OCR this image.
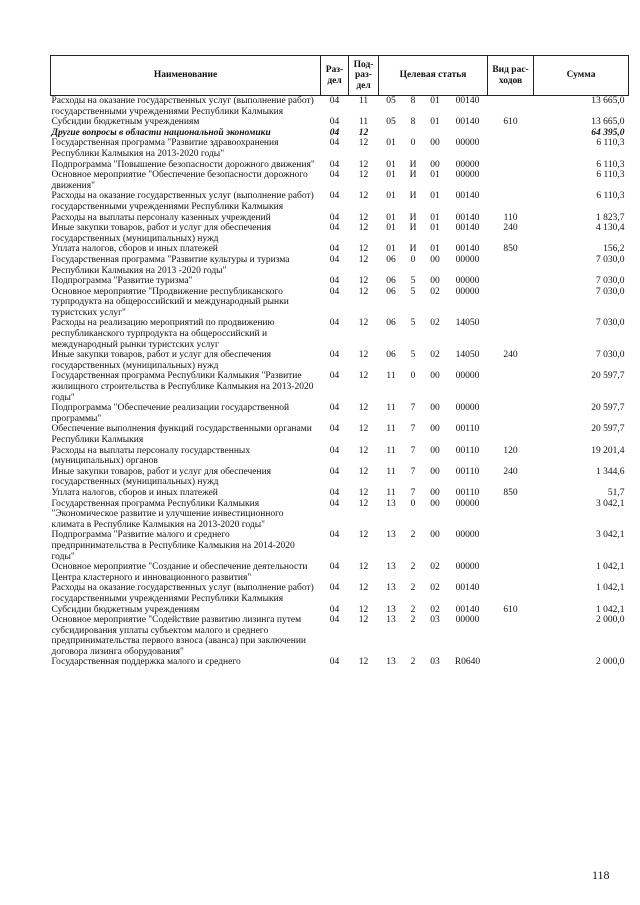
Наименование	Раз-дел	Под-раз-дел	Целевая статья				Вид рас-ходов	Сумма
Расходы на оказание государственных услуг (выполнение работ) государственными учреждениями Республики Калмыкия	04	11	05	8	01	00140		13 665,0
Субсидии бюджетным учреждениям	04	11	05	8	01	00140	610	13 665,0
Другие вопросы в области национальной экономики	04	12						64 395,0
Государственная программа "Развитие здравоохранения Республики Калмыкия на 2013-2020 годы"	04	12	01	0	00	00000		6 110,3
Подпрограмма "Повышение безопасности дорожного движения"	04	12	01	И	00	00000		6 110,3
Основное мероприятие "Обеспечение безопасности дорожного движения"	04	12	01	И	01	00000		6 110,3
Расходы на оказание государственных услуг (выполнение работ) государственными учреждениями Республики Калмыкия	04	12	01	И	01	00140		6 110,3
Расходы на выплаты персоналу казенных учреждений	04	12	01	И	01	00140	110	1 823,7
Иные закупки товаров, работ и услуг для обеспечения государственных (муниципальных) нужд	04	12	01	И	01	00140	240	4 130,4
Уплата налогов, сборов и иных платежей	04	12	01	И	01	00140	850	156,2
Государственная программа "Развитие культуры и туризма Республики Калмыкия на 2013 -2020 годы"	04	12	06	0	00	00000		7 030,0
Подпрограмма "Развитие туризма"	04	12	06	5	00	00000		7 030,0
Основное мероприятие "Продвижение республиканского турпродукта на общероссийский и международный рынки туристских услуг"	04	12	06	5	02	00000		7 030,0
Расходы на реализацию мероприятий по продвижению республиканского турпродукта на общероссийский и международный рынки туристских услуг	04	12	06	5	02	14050		7 030,0
Иные закупки товаров, работ и услуг для обеспечения государственных (муниципальных) нужд	04	12	06	5	02	14050	240	7 030,0
Государственная программа Республики Калмыкия "Развитие жилищного строительства в Республике Калмыкия на 2013-2020 годы"	04	12	11	0	00	00000		20 597,7
Подпрограмма "Обеспечение реализации государственной программы"	04	12	11	7	00	00000		20 597,7
Обеспечение выполнения функций государственными органами Республики Калмыкия	04	12	11	7	00	00110		20 597,7
Расходы на выплаты персоналу государственных (муниципальных) органов	04	12	11	7	00	00110	120	19 201,4
Иные закупки товаров, работ и услуг для обеспечения государственных (муниципальных) нужд	04	12	11	7	00	00110	240	1 344,6
Уплата налогов, сборов и иных платежей	04	12	11	7	00	00110	850	51,7
Государственная программа Республики Калмыкия "Экономическое развитие и улучшение инвестиционного климата в Республике Калмыкия на 2013-2020 годы"	04	12	13	0	00	00000		3 042,1
Подпрограмма "Развитие малого и среднего предпринимательства в Республике Калмыкия на 2014-2020 годы"	04	12	13	2	00	00000		3 042,1
Основное мероприятие "Создание и обеспечение деятельности Центра кластерного и инновационного развития"	04	12	13	2	02	00000		1 042,1
Расходы на оказание государственных услуг (выполнение работ) государственными учреждениями Республики Калмыкия	04	12	13	2	02	00140		1 042,1
Субсидии бюджетным учреждениям	04	12	13	2	02	00140	610	1 042,1
Основное мероприятие "Содействие развитию лизинга путем субсидирования уплаты субъектом малого и среднего предпринимательства первого взноса (аванса) при заключении договора лизинга оборудования"	04	12	13	2	03	00000		2 000,0
Государственная поддержка малого и среднего	04	12	13	2	03	R0640		2 000,0
118
